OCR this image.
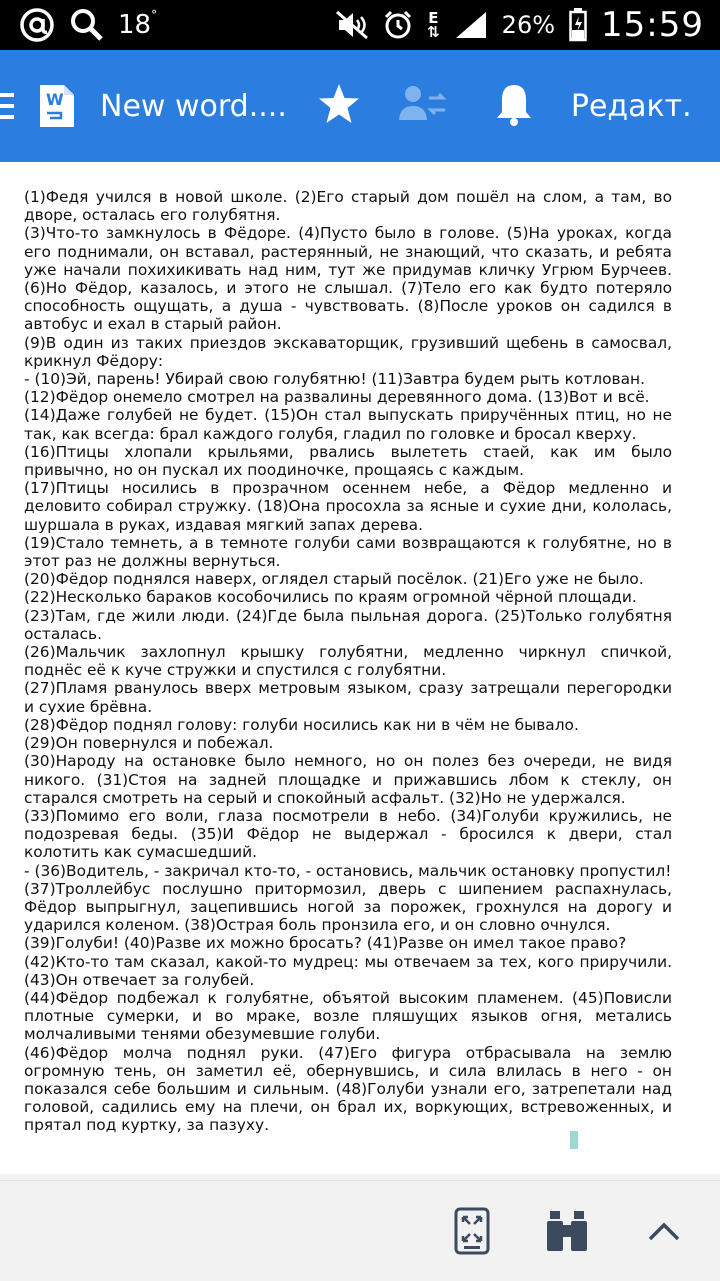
18°	E
⇅	26% 15:59
W New word....	Редакт.

(1)Федя учился в новой школе. (2)Его старый дом пошёл на слом, а там, во дворе, осталась его голубятня.

(3)Что-то замкнулось в Фёдоре. (4)Пусто было в голове. (5)На уроках, когда его поднимали, он вставал, растерянный, не знающий, что сказать, и ребята уже начали похихикивать над ним, тут же придумав кличку Угрюм Бурчеев. (6)Но Фёдор, казалось, и этого не слышал. (7)Тело его как будто потеряло способность ощущать, а душа - чувствовать. (8)После уроков он садился в автобус и ехал в старый район.

(9)В один из таких приездов экскаваторщик, грузивший щебень в самосвал, крикнул Фёдору:

- (10)Эй, парень! Убирай свою голубятню! (11)Завтра будем рыть котлован.

(12)Фёдор онемело смотрел на развалины деревянного дома. (13)Вот и всё.

(14)Даже голубей не будет. (15)Он стал выпускать приручённых птиц, но не так, как всегда: брал каждого голубя, гладил по головке и бросал кверху.

(16)Птицы хлопали крыльями, рвались вылететь стаей, как им было привычно, но он пускал их поодиночке, прощаясь с каждым.

(17)Птицы носились в прозрачном осеннем небе, а Фёдор медленно и деловито собирал стружку. (18)Она просохла за ясные и сухие дни, кололась, шуршала в руках, издавая мягкий запах дерева.

(19)Стало темнеть, а в темноте голуби сами возвращаются к голубятне, но в этот раз не должны вернуться.

(20)Фёдор поднялся наверх, оглядел старый посёлок. (21)Его уже не было.

(22)Несколько бараков кособочились по краям огромной чёрной площади.

(23)Там, где жили люди. (24)Где была пыльная дорога. (25)Только голубятня осталась.

(26)Мальчик захлопнул крышку голубятни, медленно чиркнул спичкой, поднёс её к куче стружки и спустился с голубятни.

(27)Пламя рванулось вверх метровым языком, сразу затрещали перегородки и сухие брёвна.

(28)Фёдор поднял голову: голуби носились как ни в чём не бывало.

(29)Он повернулся и побежал.

(30)Народу на остановке было немного, но он полез без очереди, не видя никого. (31)Стоя на задней площадке и прижавшись лбом к стеклу, он старался смотреть на серый и спокойный асфальт. (32)Но не удержался.

(33)Помимо его воли, глаза посмотрели в небо. (34)Голуби кружились, не подозревая беды. (35)И Фёдор не выдержал - бросился к двери, стал колотить как сумасшедший.

- (36)Водитель, - закричал кто-то, - остановись, мальчик остановку пропустил!

(37)Троллейбус послушно притормозил, дверь с шипением распахнулась, Фёдор выпрыгнул, зацепившись ногой за порожек, грохнулся на дорогу и ударился коленом. (38)Острая боль пронзила его, и он словно очнулся.

(39)Голуби! (40)Разве их можно бросать? (41)Разве он имел такое право?

(42)Кто-то там сказал, какой-то мудрец: мы отвечаем за тех, кого приручили. (43)Он отвечает за голубей.

(44)Фёдор подбежал к голубятне, объятой высоким пламенем. (45)Повисли плотные сумерки, и во мраке, возле пляшущих языков огня, метались молчаливыми тенями обезумевшие голуби.

(46)Фёдор молча поднял руки. (47)Его фигура отбрасывала на землю огромную тень, он заметил её, обернувшись, и сила влилась в него - он показался себе большим и сильным. (48)Голуби узнали его, затрепетали над головой, садились ему на плечи, он брал их, воркующих, встревоженных, и прятал под куртку, за пазуху.
